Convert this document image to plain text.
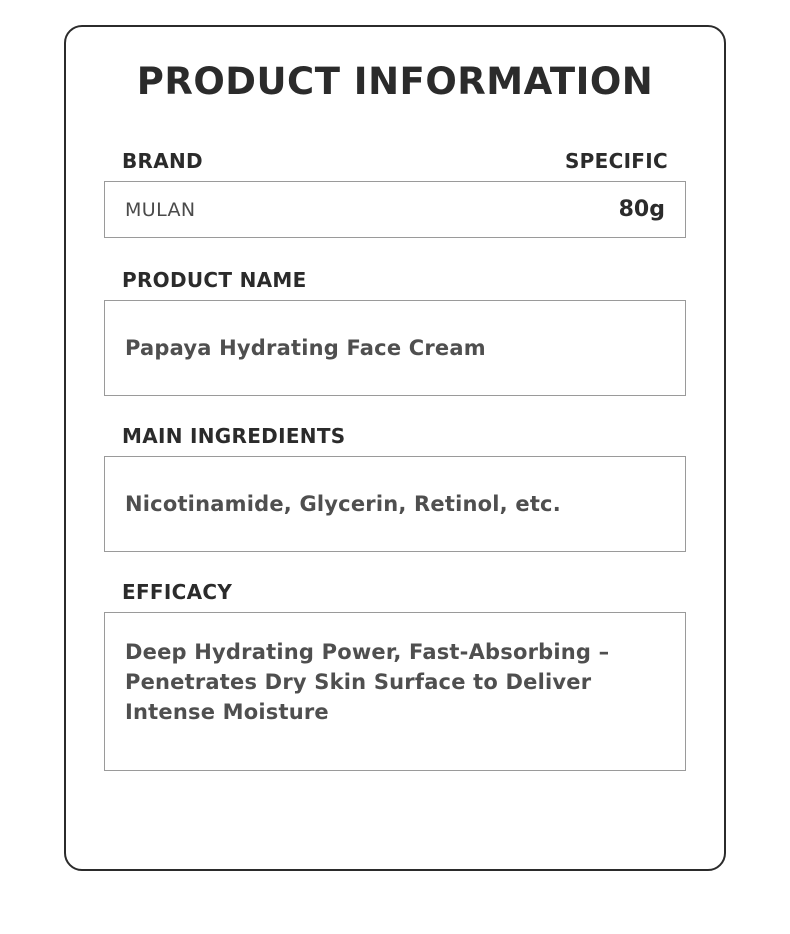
PRODUCT INFORMATION
BRAND	SPECIFIC
MULAN	80g
PRODUCT NAME
Papaya Hydrating Face Cream
MAIN INGREDIENTS
Nicotinamide, Glycerin, Retinol, etc.
EFFICACY
Deep Hydrating Power, Fast-Absorbing – Penetrates Dry Skin Surface to Deliver Intense Moisture
